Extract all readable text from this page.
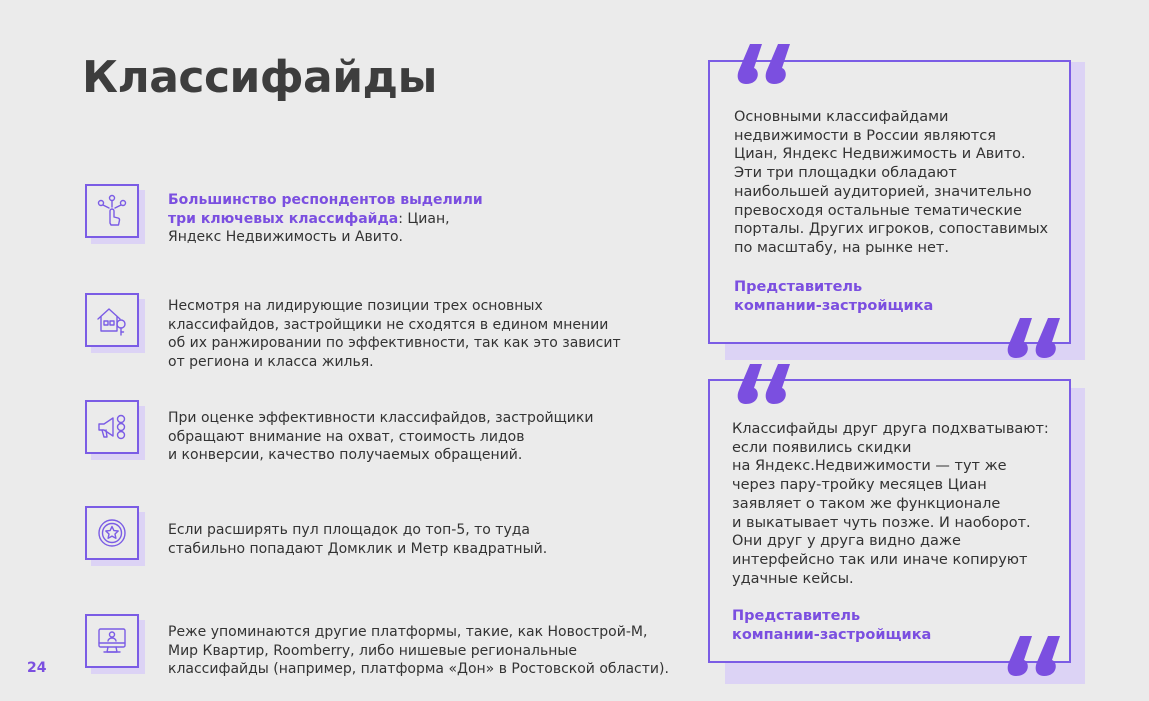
Классифайды
Большинство респондентов выделили
три ключевых классифайда: Циан,
Яндекс Недвижимость и Авито.
Несмотря на лидирующие позиции трех основных
классифайдов, застройщики не сходятся в едином мнении
об их ранжировании по эффективности, так как это зависит
от региона и класса жилья.
При оценке эффективности классифайдов, застройщики
обращают внимание на охват, стоимость лидов
и конверсии, качество получаемых обращений.
Если расширять пул площадок до топ-5, то туда
стабильно попадают Домклик и Метр квадратный.
Реже упоминаются другие платформы, такие, как Новострой-М,
Мир Квартир, Roomberry, либо нишевые региональные
классифайды (например, платформа «Дон» в Ростовской области).
24
Основными классифайдами
недвижимости в России являются
Циан, Яндекс Недвижимость и Авито.
Эти три площадки обладают
наибольшей аудиторией, значительно
превосходя остальные тематические
порталы. Других игроков, сопоставимых
по масштабу, на рынке нет.
Представитель
компании-застройщика
Классифайды друг друга подхватывают:
если появились скидки
на Яндекс.Недвижимости — тут же
через пару-тройку месяцев Циан
заявляет о таком же функционале
и выкатывает чуть позже. И наоборот.
Они друг у друга видно даже
интерфейсно так или иначе копируют
удачные кейсы.
Представитель
компании-застройщика
